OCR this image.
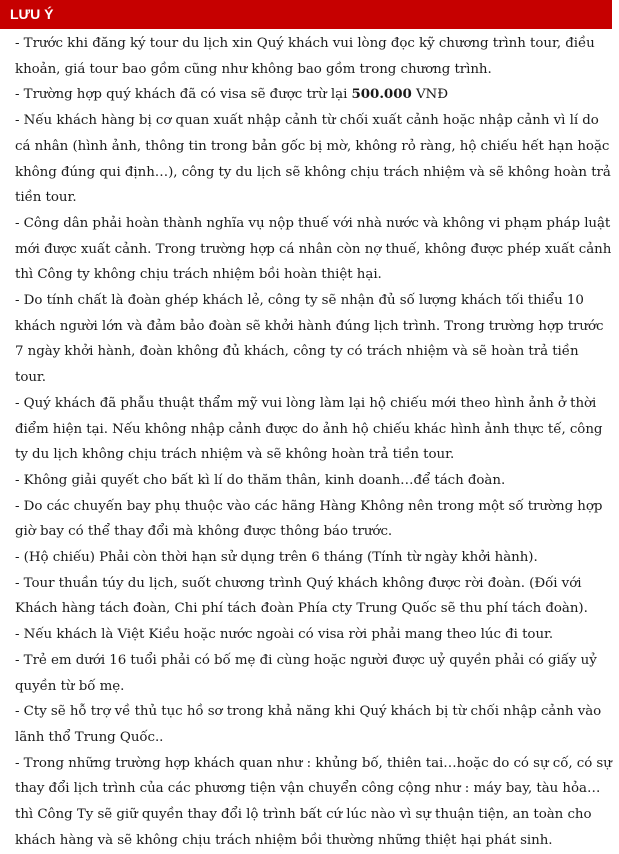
LƯU Ý
- Trước khi đăng ký tour du lịch xin Quý khách vui lòng đọc kỹ chương trình tour, điều khoản, giá tour bao gồm cũng như không bao gồm trong chương trình.
- Trường hợp quý khách đã có visa sẽ được trừ lại 500.000 VNĐ
- Nếu khách hàng bị cơ quan xuất nhập cảnh từ chối xuất cảnh hoặc nhập cảnh vì lí do cá nhân (hình ảnh, thông tin trong bản gốc bị mờ, không rỏ ràng, hộ chiếu hết hạn hoặc không đúng qui định…), công ty du lịch sẽ không chịu trách nhiệm và sẽ không hoàn trả tiền tour.
- Công dân phải hoàn thành nghĩa vụ nộp thuế với nhà nước và không vi phạm pháp luật mới được xuất cảnh. Trong trường hợp cá nhân còn nợ thuế, không được phép xuất cảnh thì Công ty không chịu trách nhiệm bồi hoàn thiệt hại.
- Do tính chất là đoàn ghép khách lẻ, công ty sẽ nhận đủ số lượng khách tối thiểu 10 khách người lớn và đảm bảo đoàn sẽ khởi hành đúng lịch trình. Trong trường hợp trước 7 ngày khởi hành, đoàn không đủ khách, công ty có trách nhiệm và sẽ hoàn trả tiền tour.
- Quý khách đã phẫu thuật thẩm mỹ vui lòng làm lại hộ chiếu mới theo hình ảnh ở thời điểm hiện tại. Nếu không nhập cảnh được do ảnh hộ chiếu khác hình ảnh thực tế, công ty du lịch không chịu trách nhiệm và sẽ không hoàn trả tiền tour.
- Không giải quyết cho bất kì lí do thăm thân, kinh doanh…để tách đoàn.
- Do các chuyến bay phụ thuộc vào các hãng Hàng Không nên trong một số trường hợp giờ bay có thể thay đổi mà không được thông báo trước.
- (Hộ chiếu) Phải còn thời hạn sử dụng trên 6 tháng (Tính từ ngày khởi hành).
- Tour thuần túy du lịch, suốt chương trình Quý khách không được rời đoàn. (Đối với Khách hàng tách đoàn, Chi phí tách đoàn Phía cty Trung Quốc sẽ thu phí tách đoàn).
- Nếu khách là Việt Kiều hoặc nước ngoài có visa rời phải mang theo lúc đi tour.
- Trẻ em dưới 16 tuổi phải có bố mẹ đi cùng hoặc người được uỷ quyền phải có giấy uỷ quyền từ bố mẹ.
- Cty sẽ hỗ trợ về thủ tục hồ sơ trong khả năng khi Quý khách bị từ chối nhập cảnh vào lãnh thổ Trung Quốc..
- Trong những trường hợp khách quan như : khủng bố, thiên tai…hoặc do có sự cố, có sự thay đổi lịch trình của các phương tiện vận chuyển công cộng như : máy bay, tàu hỏa…thì Công Ty sẽ giữ quyền thay đổi lộ trình bất cứ lúc nào vì sự thuận tiện, an toàn cho khách hàng và sẽ không chịu trách nhiệm bồi thường những thiệt hại phát sinh.
